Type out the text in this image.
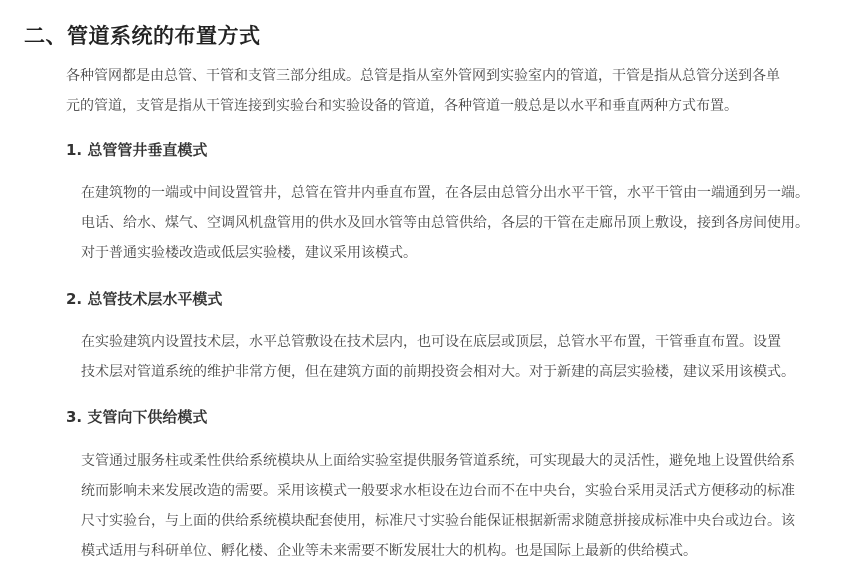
二、管道系统的布置方式

各种管网都是由总管、干管和支管三部分组成。总管是指从室外管网到实验室内的管道，干管是指从总管分送到各单
元的管道，支管是指从干管连接到实验台和实验设备的管道，各种管道一般总是以水平和垂直两种方式布置。

1. 总管管井垂直模式

在建筑物的一端或中间设置管井，总管在管井内垂直布置，在各层由总管分出水平干管，水平干管由一端通到另一端。
电话、给水、煤气、空调风机盘管用的供水及回水管等由总管供给，各层的干管在走廊吊顶上敷设，接到各房间使用。
对于普通实验楼改造或低层实验楼，建议采用该模式。

2. 总管技术层水平模式

在实验建筑内设置技术层，水平总管敷设在技术层内，也可设在底层或顶层，总管水平布置，干管垂直布置。设置
技术层对管道系统的维护非常方便，但在建筑方面的前期投资会相对大。对于新建的高层实验楼，建议采用该模式。

3. 支管向下供给模式

支管通过服务柱或柔性供给系统模块从上面给实验室提供服务管道系统，可实现最大的灵活性，避免地上设置供给系
统而影响未来发展改造的需要。采用该模式一般要求水柜设在边台而不在中央台，实验台采用灵活式方便移动的标准
尺寸实验台，与上面的供给系统模块配套使用，标准尺寸实验台能保证根据新需求随意拼接成标准中央台或边台。该
模式适用与科研单位、孵化楼、企业等未来需要不断发展壮大的机构。也是国际上最新的供给模式。
